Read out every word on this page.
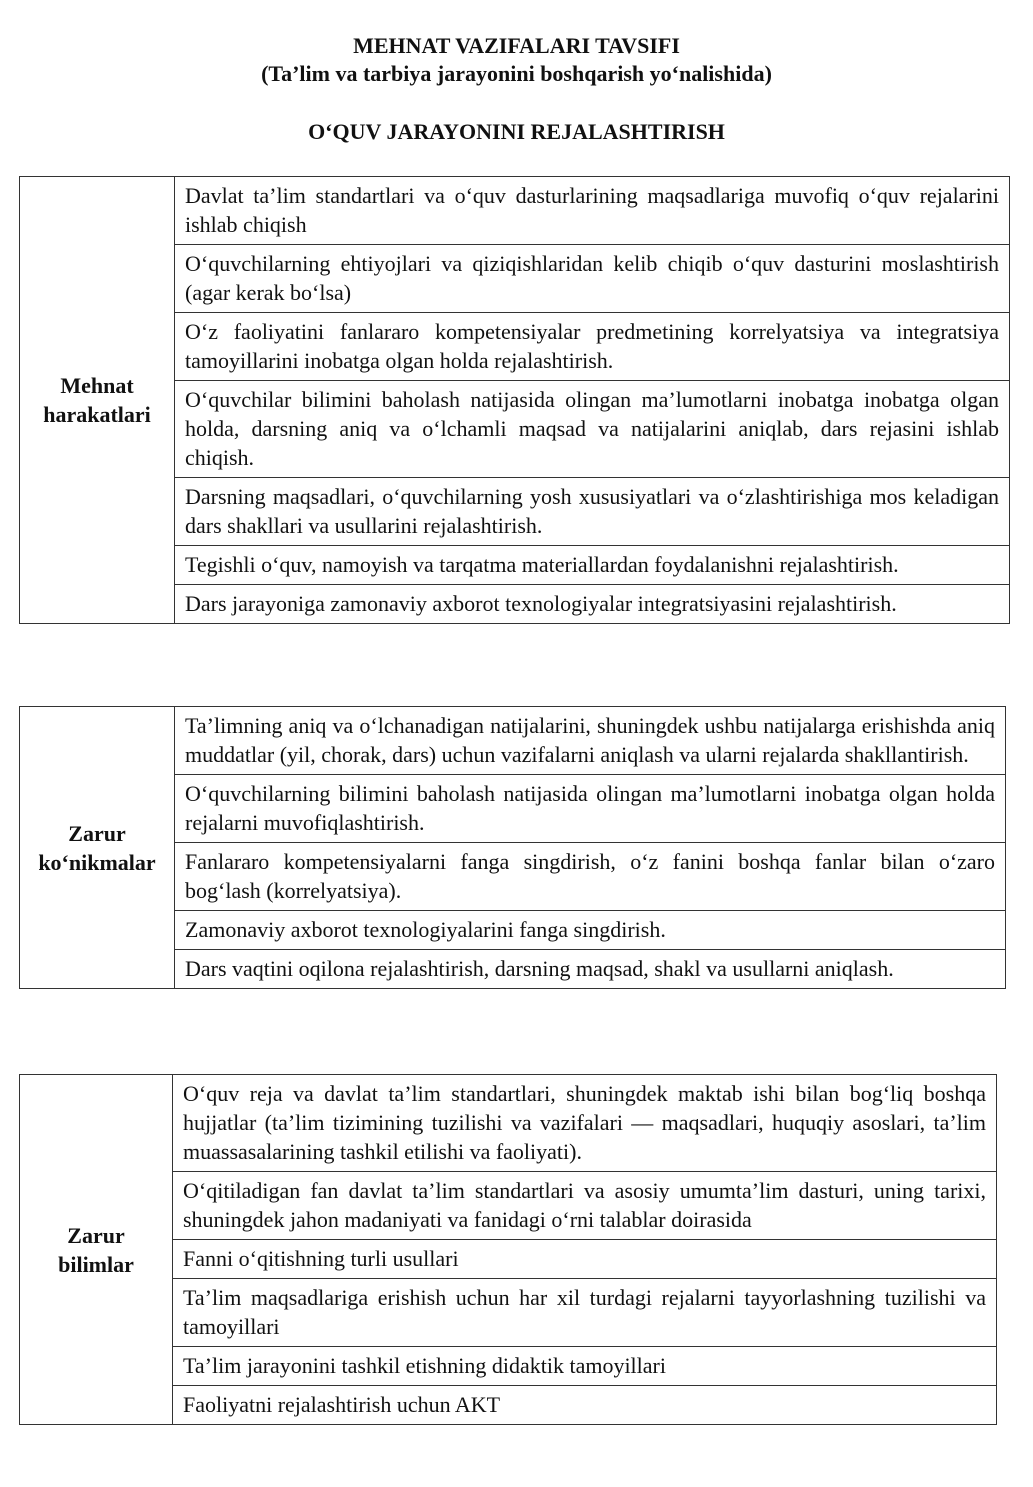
MEHNAT VAZIFALARI TAVSIFI
(Ta’lim va tarbiya jarayonini boshqarish yo‘nalishida)
O‘QUV JARAYONINI REJALASHTIRISH
Mehnat
harakatlari
	Davlat ta’lim standartlari va o‘quv dasturlarining maqsadlariga muvofiq o‘quv rejalarini ishlab chiqish
O‘quvchilarning ehtiyojlari va qiziqishlaridan kelib chiqib o‘quv dasturini moslashtirish (agar kerak bo‘lsa)
O‘z faoliyatini fanlararo kompetensiyalar predmetining korrelyatsiya va integratsiya tamoyillarini inobatga olgan holda rejalashtirish.
O‘quvchilar bilimini baholash natijasida olingan ma’lumotlarni inobatga inobatga olgan holda, darsning aniq va o‘lchamli maqsad va natijalarini aniqlab, dars rejasini ishlab chiqish.
Darsning maqsadlari, o‘quvchilarning yosh xususiyatlari va o‘zlashtirishiga mos keladigan dars shakllari va usullarini rejalashtirish.
Tegishli o‘quv, namoyish va tarqatma materiallardan foydalanishni rejalashtirish.
Dars jarayoniga zamonaviy axborot texnologiyalar integratsiyasini rejalashtirish.
Zarur
ko‘nikmalar
	Ta’limning aniq va o‘lchanadigan natijalarini, shuningdek ushbu natijalarga erishishda aniq muddatlar (yil, chorak, dars) uchun vazifalarni aniqlash va ularni rejalarda shakllantirish.
O‘quvchilarning bilimini baholash natijasida olingan ma’lumotlarni inobatga olgan holda rejalarni muvofiqlashtirish.
Fanlararo kompetensiyalarni fanga singdirish, o‘z fanini boshqa fanlar bilan o‘zaro bog‘lash (korrelyatsiya).
Zamonaviy axborot texnologiyalarini fanga singdirish.
Dars vaqtini oqilona rejalashtirish, darsning maqsad, shakl va usullarni aniqlash.
Zarur
bilimlar
	O‘quv reja va davlat ta’lim standartlari, shuningdek maktab ishi bilan bog‘liq boshqa hujjatlar (ta’lim tizimining tuzilishi va vazifalari — maqsadlari, huquqiy asoslari, ta’lim muassasalarining tashkil etilishi va faoliyati).
O‘qitiladigan fan davlat ta’lim standartlari va asosiy umumta’lim dasturi, uning tarixi, shuningdek jahon madaniyati va fanidagi o‘rni talablar doirasida
Fanni o‘qitishning turli usullari
Ta’lim maqsadlariga erishish uchun har xil turdagi rejalarni tayyorlashning tuzilishi va tamoyillari
Ta’lim jarayonini tashkil etishning didaktik tamoyillari
Faoliyatni rejalashtirish uchun AKT
